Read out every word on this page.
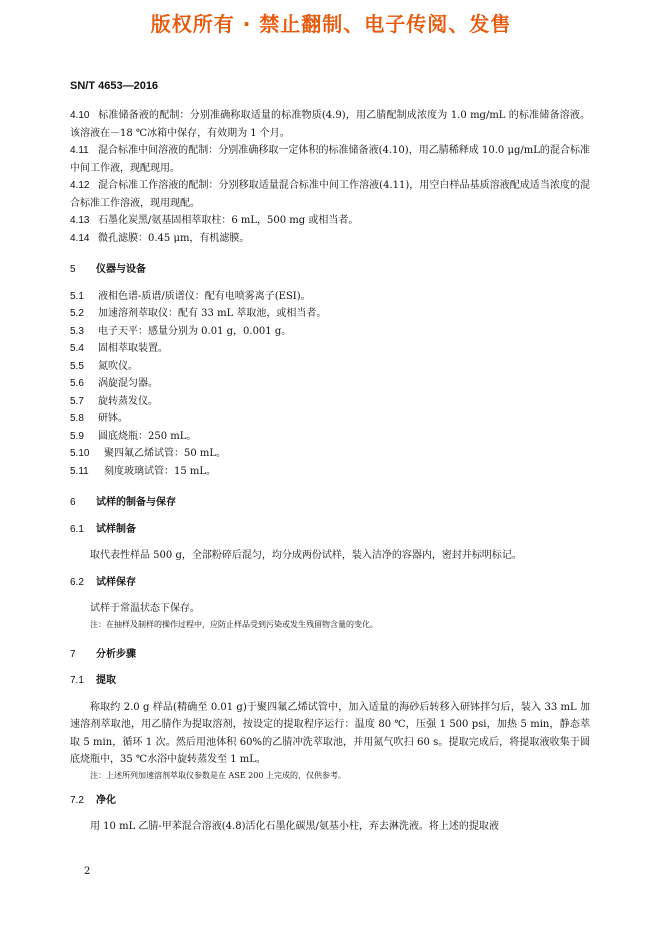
版权所有 · 禁止翻制、电子传阅、发售
SN/T 4653—2016
4.10 标准储备液的配制：分别准确称取适量的标准物质(4.9)，用乙腈配制成浓度为 1.0 mg/mL 的标准储备溶液。该溶液在－18 ℃冰箱中保存，有效期为 1 个月。
4.11 混合标准中间溶液的配制：分别准确移取一定体积的标准储备液(4.10)，用乙腈稀释成 10.0 μg/mL的混合标准中间工作液，现配现用。
4.12 混合标准工作溶液的配制：分别移取适量混合标准中间工作溶液(4.11)，用空白样品基质溶液配成适当浓度的混合标准工作溶液，现用现配。
4.13 石墨化炭黑/氨基固相萃取柱：6 mL，500 mg 或相当者。
4.14 微孔滤膜：0.45 μm，有机滤膜。
5 仪器与设备
5.1 液相色谱-质谱/质谱仪：配有电喷雾离子(ESI)。
5.2 加速溶剂萃取仪：配有 33 mL 萃取池，或相当者。
5.3 电子天平：感量分别为 0.01 g，0.001 g。
5.4 固相萃取装置。
5.5 氮吹仪。
5.6 涡旋混匀器。
5.7 旋转蒸发仪。
5.8 研钵。
5.9 圆底烧瓶：250 mL。
5.10 聚四氟乙烯试管：50 mL。
5.11 刻度玻璃试管：15 mL。
6 试样的制备与保存
6.1 试样制备
取代表性样品 500 g，全部粉碎后混匀，均分成两份试样，装入洁净的容器内，密封并标明标记。
6.2 试样保存
试样于常温状态下保存。
注：在抽样及制样的操作过程中，应防止样品受到污染或发生残留物含量的变化。
7 分析步骤
7.1 提取
称取约 2.0 g 样品(精确至 0.01 g)于聚四氟乙烯试管中，加入适量的海砂后转移入研钵拌匀后，装入 33 mL 加速溶剂萃取池，用乙腈作为提取溶剂，按设定的提取程序运行：温度 80 ℃，压强 1 500 psi，加热 5 min，静态萃取 5 min，循环 1 次。然后用池体积 60%的乙腈冲洗萃取池，并用氮气吹扫 60 s。提取完成后，将提取液收集于圆底烧瓶中，35 ℃水浴中旋转蒸发至 1 mL。
注：上述所列加速溶剂萃取仪参数是在 ASE 200 上完成的，仅供参考。
7.2 净化
用 10 mL 乙腈-甲苯混合溶液(4.8)活化石墨化碳黑/氨基小柱，弃去淋洗液。将上述的提取液
2
